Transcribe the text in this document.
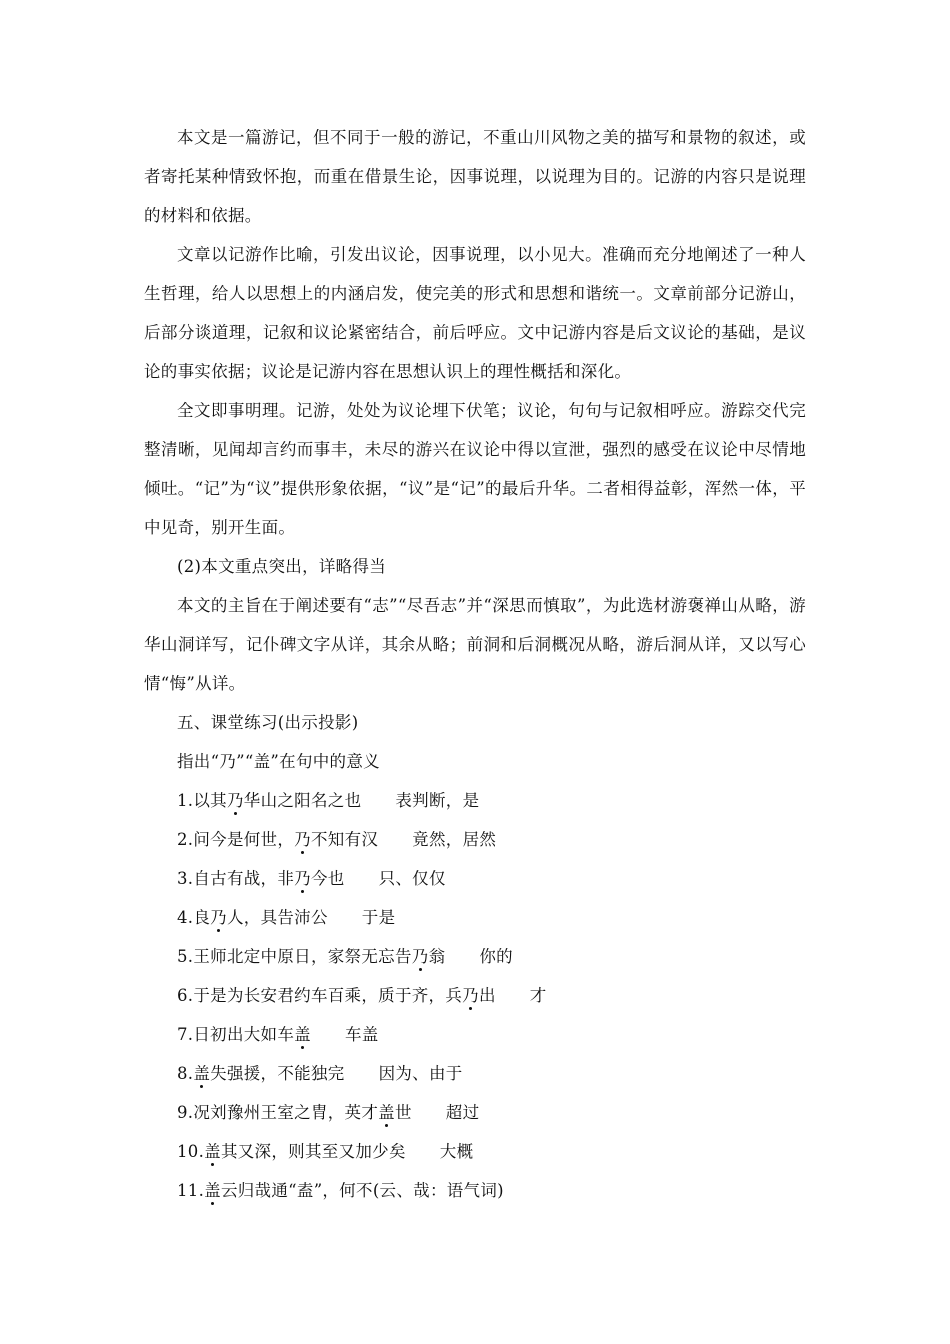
本文是一篇游记，但不同于一般的游记，不重山川风物之美的描写和景物的叙述，或者寄托某种情致怀抱，而重在借景生论，因事说理，以说理为目的。记游的内容只是说理的材料和依据。

文章以记游作比喻，引发出议论，因事说理，以小见大。准确而充分地阐述了一种人生哲理，给人以思想上的内涵启发，使完美的形式和思想和谐统一。文章前部分记游山，后部分谈道理，记叙和议论紧密结合，前后呼应。文中记游内容是后文议论的基础，是议论的事实依据；议论是记游内容在思想认识上的理性概括和深化。

全文即事明理。记游，处处为议论埋下伏笔；议论，句句与记叙相呼应。游踪交代完整清晰，见闻却言约而事丰，未尽的游兴在议论中得以宣泄，强烈的感受在议论中尽情地倾吐。“记”为“议”提供形象依据，“议”是“记”的最后升华。二者相得益彰，浑然一体，平中见奇，别开生面。

(2)本文重点突出，详略得当

本文的主旨在于阐述要有“志”“尽吾志”并“深思而慎取”，为此选材游褒禅山从略，游华山洞详写，记仆碑文字从详，其余从略；前洞和后洞概况从略，游后洞从详，又以写心情“悔”从详。

五、课堂练习(出示投影)

指出“乃”“盖”在句中的意义

1.以其乃华山之阳名之也 表判断，是

2.问今是何世，乃不知有汉 竟然，居然

3.自古有战，非乃今也 只、仅仅

4.良乃人，具告沛公 于是

5.王师北定中原日，家祭无忘告乃翁 你的

6.于是为长安君约车百乘，质于齐，兵乃出 才

7.日初出大如车盖 车盖

8.盖失强援，不能独完 因为、由于

9.况刘豫州王室之胄，英才盖世 超过

10.盖其又深，则其至又加少矣 大概

11.盖云归哉通“盍”，何不(云、哉：语气词)
